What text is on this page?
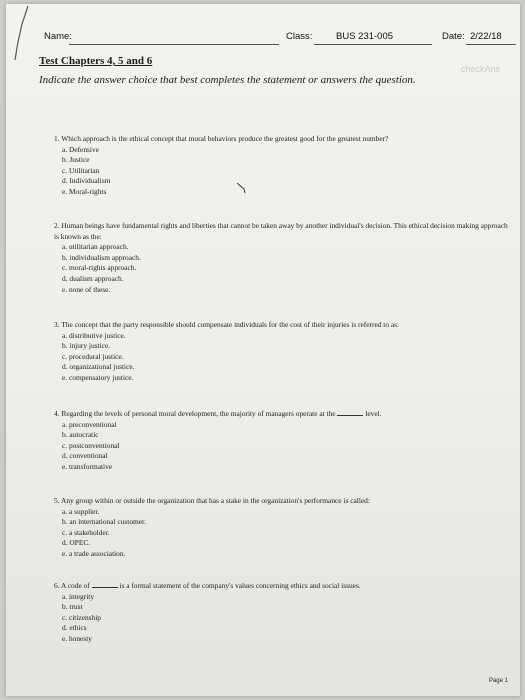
Name:	Class: BUS 231-005	Date: 2/22/18
Test Chapters 4, 5 and 6
checkAns
Indicate the answer choice that best completes the statement or answers the question.
1. Which approach is the ethical concept that moral behaviors produce the greatest good for the greatest number?
a. Defensive
b. Justice
c. Utilitarian
d. Individualism
e. Moral-rights
2. Human beings have fundamental rights and liberties that cannot be taken away by another individual's decision. This ethical decision making approach is known as the:
a. utilitarian approach.
b. individualism approach.
c. moral-rights approach.
d. dualism approach.
e. none of these.
3. The concept that the party responsible should compensate individuals for the cost of their injuries is referred to as:
a. distributive justice.
b. injury justice.
c. procedural justice.
d. organizational justice.
e. compensatory justice.
4. Regarding the levels of personal moral development, the majority of managers operate at the	level.
a. preconventional
b. autocratic
c. postconventional
d. conventional
e. transformative
5. Any group within or outside the organization that has a stake in the organization's performance is called:
a. a supplier.
b. an international customer.
c. a stakeholder.
d. OPEC.
e. a trade association.
6. A code of	is a formal statement of the company's values concerning ethics and social issues.
a. integrity
b. trust
c. citizenship
d. ethics
e. honesty
Page 1
